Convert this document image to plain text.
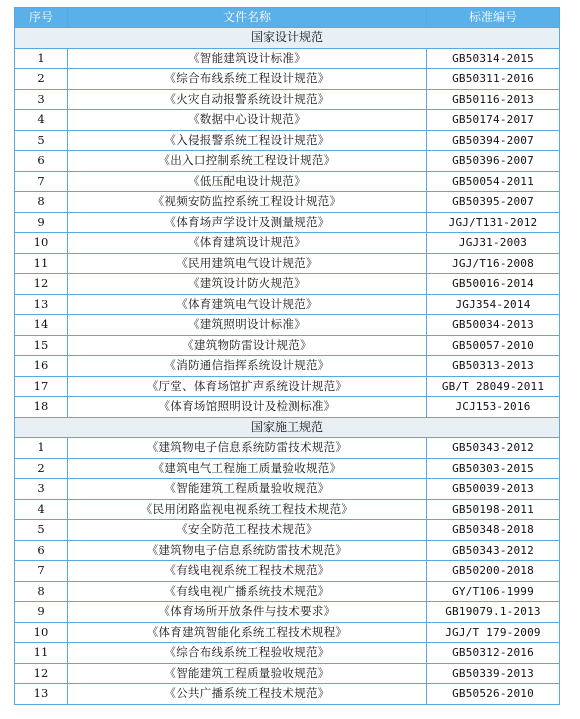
序号	文件名称	标准编号
国家设计规范		
1	《智能建筑设计标准》	GB50314-2015
2	《综合布线系统工程设计规范》	GB50311-2016
3	《火灾自动报警系统设计规范》	GB50116-2013
4	《数据中心设计规范》	GB50174-2017
5	《入侵报警系统工程设计规范》	GB50394-2007
6	《出入口控制系统工程设计规范》	GB50396-2007
7	《低压配电设计规范》	GB50054-2011
8	《视频安防监控系统工程设计规范》	GB50395-2007
9	《体育场声学设计及测量规范》	JGJ/T131-2012
10	《体育建筑设计规范》	JGJ31-2003
11	《民用建筑电气设计规范》	JGJ/T16-2008
12	《建筑设计防火规范》	GB50016-2014
13	《体育建筑电气设计规范》	JGJ354-2014
14	《建筑照明设计标准》	GB50034-2013
15	《建筑物防雷设计规范》	GB50057-2010
16	《消防通信指挥系统设计规范》	GB50313-2013
17	《厅堂、体育场馆扩声系统设计规范》	GB/T 28049-2011
18	《体育场馆照明设计及检测标准》	JCJ153-2016
国家施工规范		
1	《建筑物电子信息系统防雷技术规范》	GB50343-2012
2	《建筑电气工程施工质量验收规范》	GB50303-2015
3	《智能建筑工程质量验收规范》	GB50039-2013
4	《民用闭路监视电视系统工程技术规范》	GB50198-2011
5	《安全防范工程技术规范》	GB50348-2018
6	《建筑物电子信息系统防雷技术规范》	GB50343-2012
7	《有线电视系统工程技术规范》	GB50200-2018
8	《有线电视广播系统技术规范》	GY/T106-1999
9	《体育场所开放条件与技术要求》	GB19079.1-2013
10	《体育建筑智能化系统工程技术规程》	JGJ/T 179-2009
11	《综合布线系统工程验收规范》	GB50312-2016
12	《智能建筑工程质量验收规范》	GB50339-2013
13	《公共广播系统工程技术规范》	GB50526-2010
